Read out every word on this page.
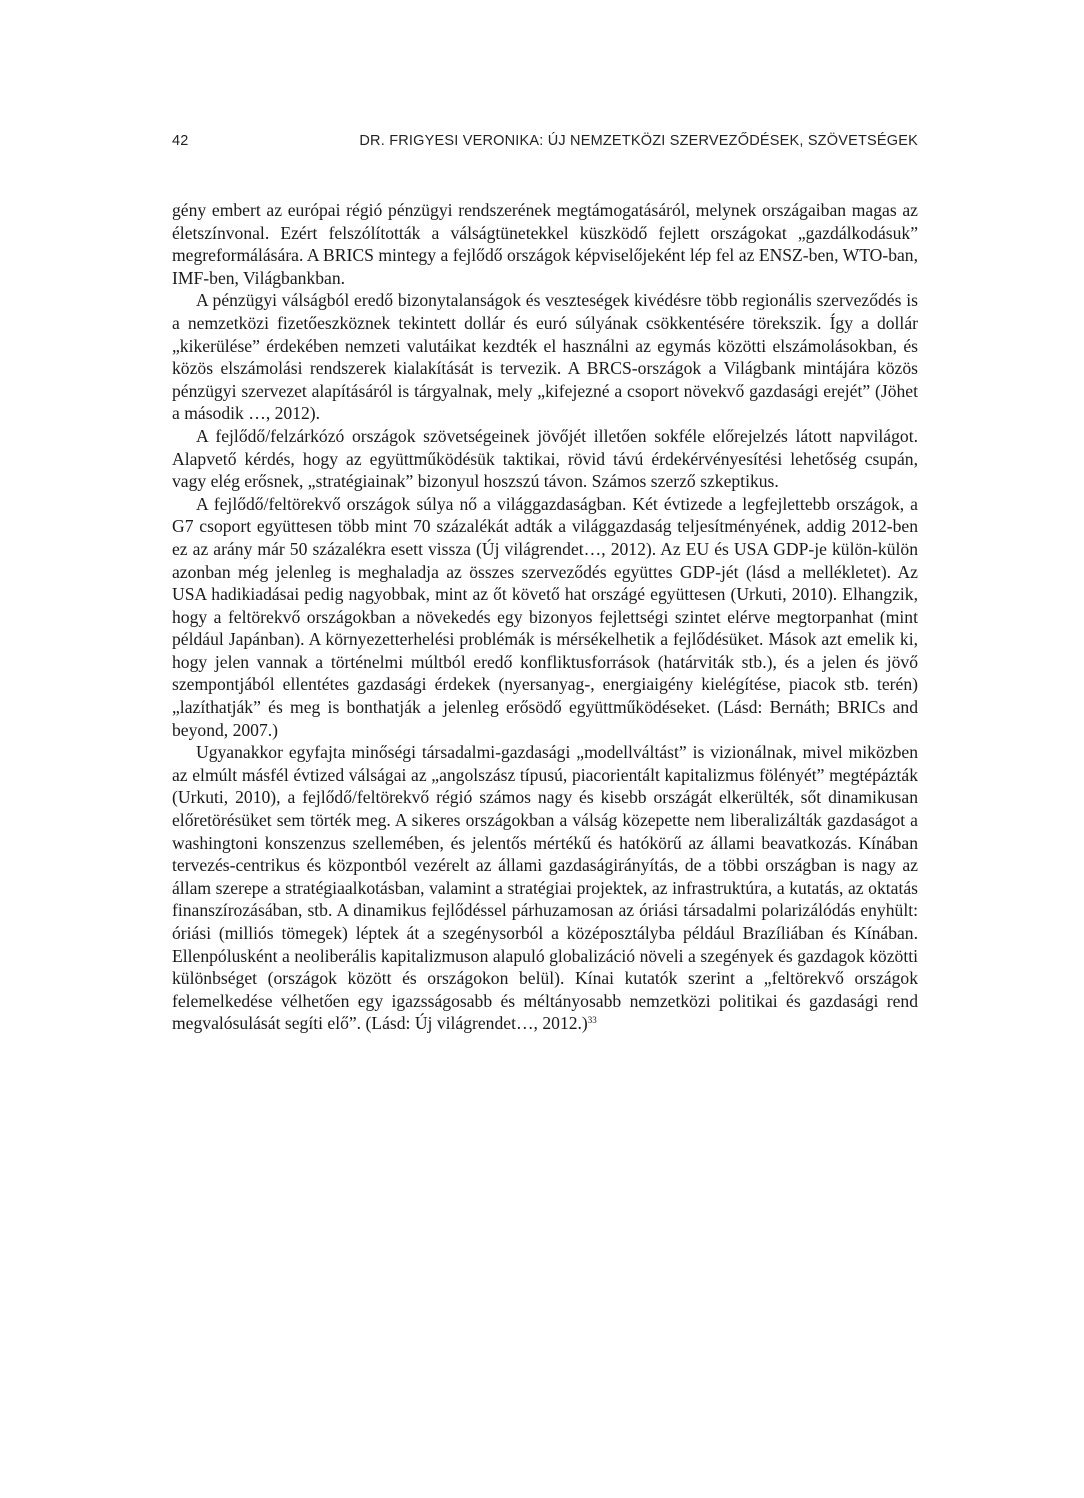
42	DR. FRIGYESI VERONIKA: ÚJ NEMZETKÖZI SZERVEZŐDÉSEK, SZÖVETSÉGEK

gény embert az európai régió pénzügyi rendszerének megtámogatásáról, melynek országaiban magas az életszínvonal. Ezért felszólították a válságtünetekkel küszködő fejlett országokat „gazdálkodásuk” megreformálására. A BRICS mintegy a fejlődő országok képviselőjeként lép fel az ENSZ-ben, WTO-ban, IMF-ben, Világbankban.

A pénzügyi válságból eredő bizonytalanságok és veszteségek kivédésre több regionális szerveződés is a nemzetközi fizetőeszköznek tekintett dollár és euró súlyának csökkentésére törekszik. Így a dollár „kikerülése” érdekében nemzeti valutáikat kezdték el használni az egymás közötti elszámolásokban, és közös elszámolási rendszerek kialakítását is tervezik. A BRCS-országok a Világbank mintájára közös pénzügyi szervezet alapításáról is tárgyalnak, mely „kifejezné a csoport növekvő gazdasági erejét” (Jöhet a második …, 2012).

A fejlődő/felzárkózó országok szövetségeinek jövőjét illetően sokféle előrejelzés látott napvilágot. Alapvető kérdés, hogy az együttműködésük taktikai, rövid távú érdekérvényesítési lehetőség csupán, vagy elég erősnek, „stratégiainak” bizonyul hoszszú távon. Számos szerző szkeptikus.

A fejlődő/feltörekvő országok súlya nő a világgazdaságban. Két évtizede a legfejlettebb országok, a G7 csoport együttesen több mint 70 százalékát adták a világgazdaság teljesítményének, addig 2012-ben ez az arány már 50 százalékra esett vissza (Új világrendet…, 2012). Az EU és USA GDP-je külön-külön azonban még jelenleg is meghaladja az összes szerveződés együttes GDP-jét (lásd a mellékletet). Az USA hadikiadásai pedig nagyobbak, mint az őt követő hat országé együttesen (Urkuti, 2010). Elhangzik, hogy a feltörekvő országokban a növekedés egy bizonyos fejlettségi szintet elérve megtorpanhat (mint például Japánban). A környezetterhelési problémák is mérsékelhetik a fejlődésüket. Mások azt emelik ki, hogy jelen vannak a történelmi múltból eredő konfliktusforrások (határviták stb.), és a jelen és jövő szempontjából ellentétes gazdasági érdekek (nyersanyag-, energiaigény kielégítése, piacok stb. terén) „lazíthatják” és meg is bonthatják a jelenleg erősödő együttműködéseket. (Lásd: Bernáth; BRICs and beyond, 2007.)

Ugyanakkor egyfajta minőségi társadalmi-gazdasági „modellváltást” is vizionálnak, mivel miközben az elmúlt másfél évtized válságai az „angolszász típusú, piacorientált kapitalizmus fölényét” megtépázták (Urkuti, 2010), a fejlődő/feltörekvő régió számos nagy és kisebb országát elkerülték, sőt dinamikusan előretörésüket sem törték meg. A sikeres országokban a válság közepette nem liberalizálták gazdaságot a washingtoni konszenzus szellemében, és jelentős mértékű és hatókörű az állami beavatkozás. Kínában tervezés-centrikus és központból vezérelt az állami gazdaságirányítás, de a többi országban is nagy az állam szerepe a stratégiaalkotásban, valamint a stratégiai projektek, az infrastruktúra, a kutatás, az oktatás finanszírozásában, stb. A dinamikus fejlődéssel párhuzamosan az óriási társadalmi polarizálódás enyhült: óriási (milliós tömegek) léptek át a szegénysorból a középosztályba például Brazíliában és Kínában. Ellenpólusként a neoliberális kapitalizmuson alapuló globalizáció növeli a szegények és gazdagok közötti különbséget (országok között és országokon belül). Kínai kutatók szerint a „feltörekvő országok felemelkedése vélhetően egy igazsságosabb és méltányosabb nemzetközi politikai és gazdasági rend megvalósulását segíti elő”. (Lásd: Új világrendet…, 2012.)$^{33}$
